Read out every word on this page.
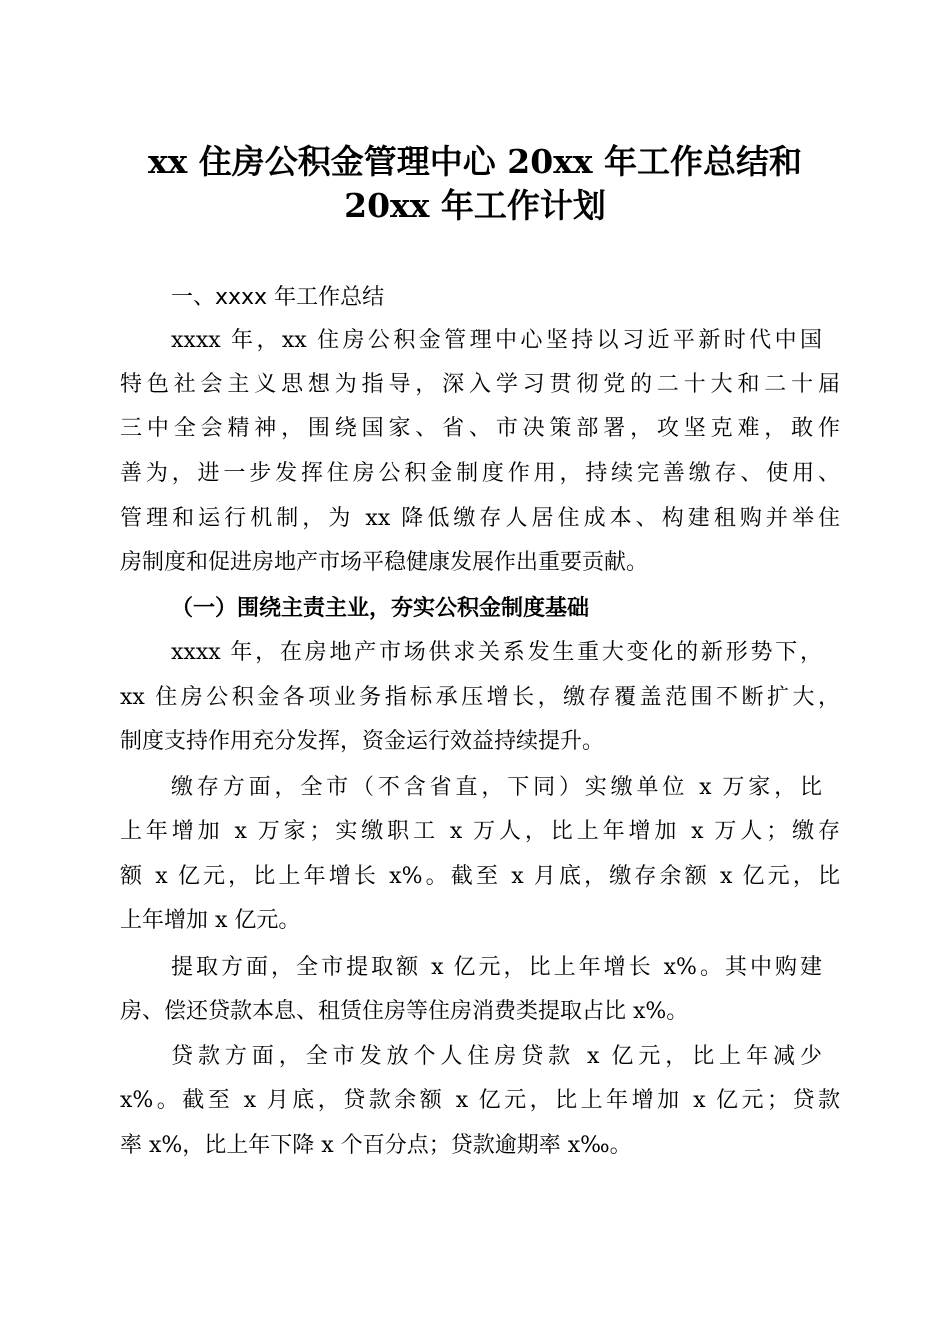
xx 住房公积金管理中心 20xx 年工作总结和
20xx 年工作计划
一、xxxx 年工作总结
xxxx 年，xx 住房公积金管理中心坚持以习近平新时代中国
特色社会主义思想为指导，深入学习贯彻党的二十大和二十届
三中全会精神，围绕国家、省、市决策部署，攻坚克难，敢作
善为，进一步发挥住房公积金制度作用，持续完善缴存、使用、
管理和运行机制，为 xx 降低缴存人居住成本、构建租购并举住
房制度和促进房地产市场平稳健康发展作出重要贡献。
（一）围绕主责主业，夯实公积金制度基础
xxxx 年，在房地产市场供求关系发生重大变化的新形势下，
xx 住房公积金各项业务指标承压增长，缴存覆盖范围不断扩大，
制度支持作用充分发挥，资金运行效益持续提升。
缴存方面，全市（不含省直，下同）实缴单位 x 万家，比
上年增加 x 万家；实缴职工 x 万人，比上年增加 x 万人；缴存
额 x 亿元，比上年增长 x%。截至 x 月底，缴存余额 x 亿元，比
上年增加 x 亿元。
提取方面，全市提取额 x 亿元，比上年增长 x%。其中购建
房、偿还贷款本息、租赁住房等住房消费类提取占比 x%。
贷款方面，全市发放个人住房贷款 x 亿元，比上年减少
x%。截至 x 月底，贷款余额 x 亿元，比上年增加 x 亿元；贷款
率 x%，比上年下降 x 个百分点；贷款逾期率 x‰。
